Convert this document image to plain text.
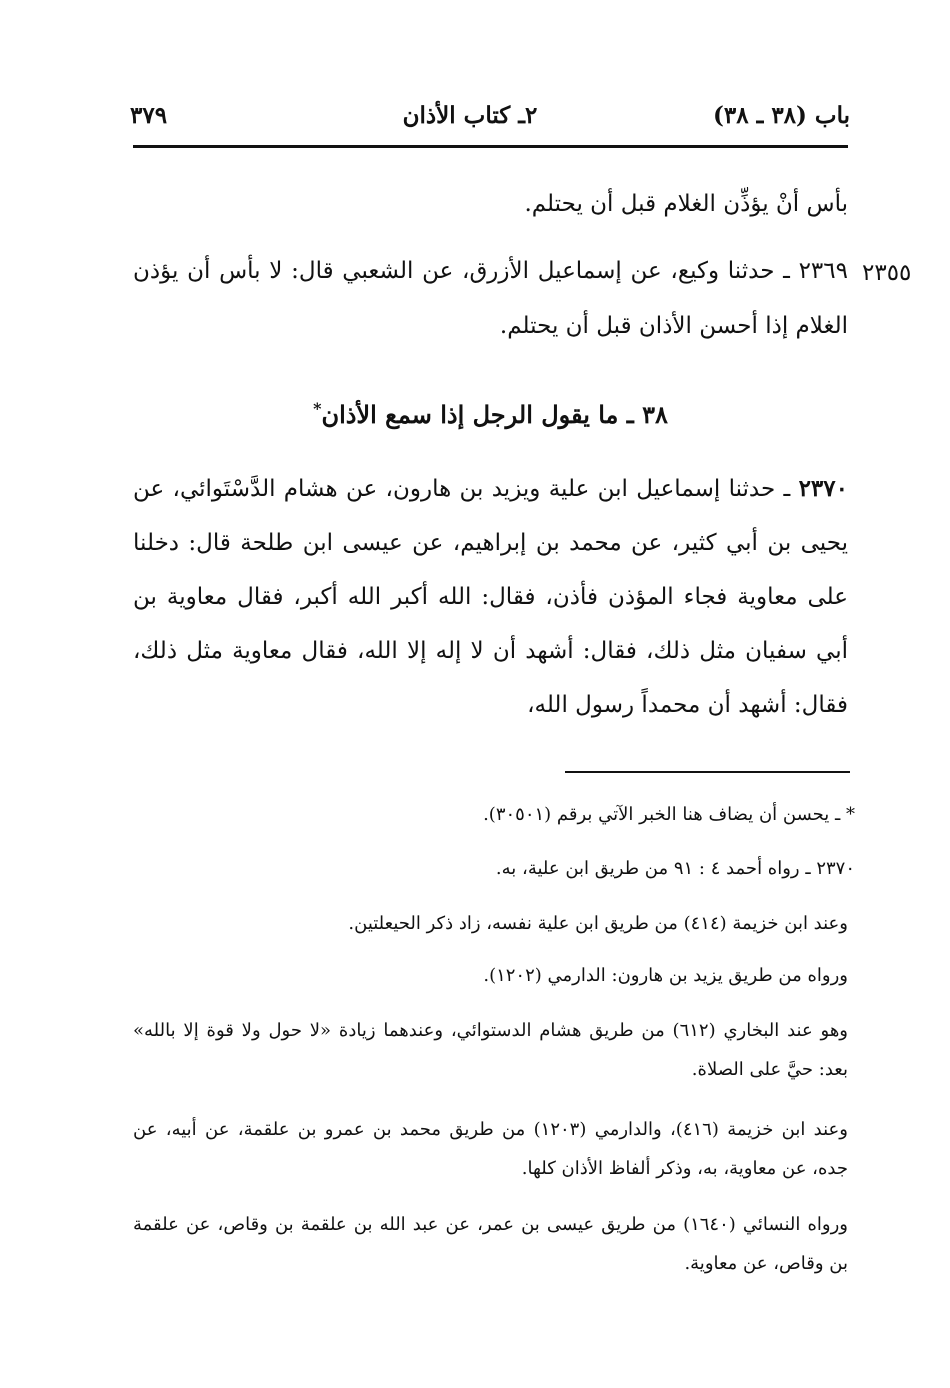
باب (٣٨ ـ ٣٨)
٢ـ كتاب الأذان
٣٧٩
بأس أنْ يؤذِّن الغلام قبل أن يحتلم.
٢٣٥٥
٢٣٦٩ ـ حدثنا وكيع، عن إسماعيل الأزرق، عن الشعبي قال: لا بأس أن يؤذن الغلام إذا أحسن الأذان قبل أن يحتلم.
٣٨ ـ ما يقول الرجل إذا سمع الأذان*
٢٣٧٠ ـ حدثنا إسماعيل ابن علية ويزيد بن هارون، عن هشام الدَّسْتَوائي، عن يحيى بن أبي كثير، عن محمد بن إبراهيم، عن عيسى ابن طلحة قال: دخلنا على معاوية فجاء المؤذن فأذن، فقال: الله أكبر الله أكبر، فقال معاوية بن أبي سفيان مثل ذلك، فقال: أشهد أن لا إله إلا الله، فقال معاوية مثل ذلك، فقال: أشهد أن محمداً رسول الله،
* ـ يحسن أن يضاف هنا الخبر الآتي برقم (٣٠٥٠١).
٢٣٧٠ ـ رواه أحمد ٤ : ٩١ من طريق ابن علية، به.
وعند ابن خزيمة (٤١٤) من طريق ابن علية نفسه، زاد ذكر الحيعلتين.
ورواه من طريق يزيد بن هارون: الدارمي (١٢٠٢).
وهو عند البخاري (٦١٢) من طريق هشام الدستوائي، وعندهما زيادة «لا حول ولا قوة إلا بالله» بعد: حيَّ على الصلاة.
وعند ابن خزيمة (٤١٦)، والدارمي (١٢٠٣) من طريق محمد بن عمرو بن علقمة، عن أبيه، عن جده، عن معاوية، به، وذكر ألفاظ الأذان كلها.
ورواه النسائي (١٦٤٠) من طريق عيسى بن عمر، عن عبد الله بن علقمة بن وقاص، عن علقمة بن وقاص، عن معاوية.
